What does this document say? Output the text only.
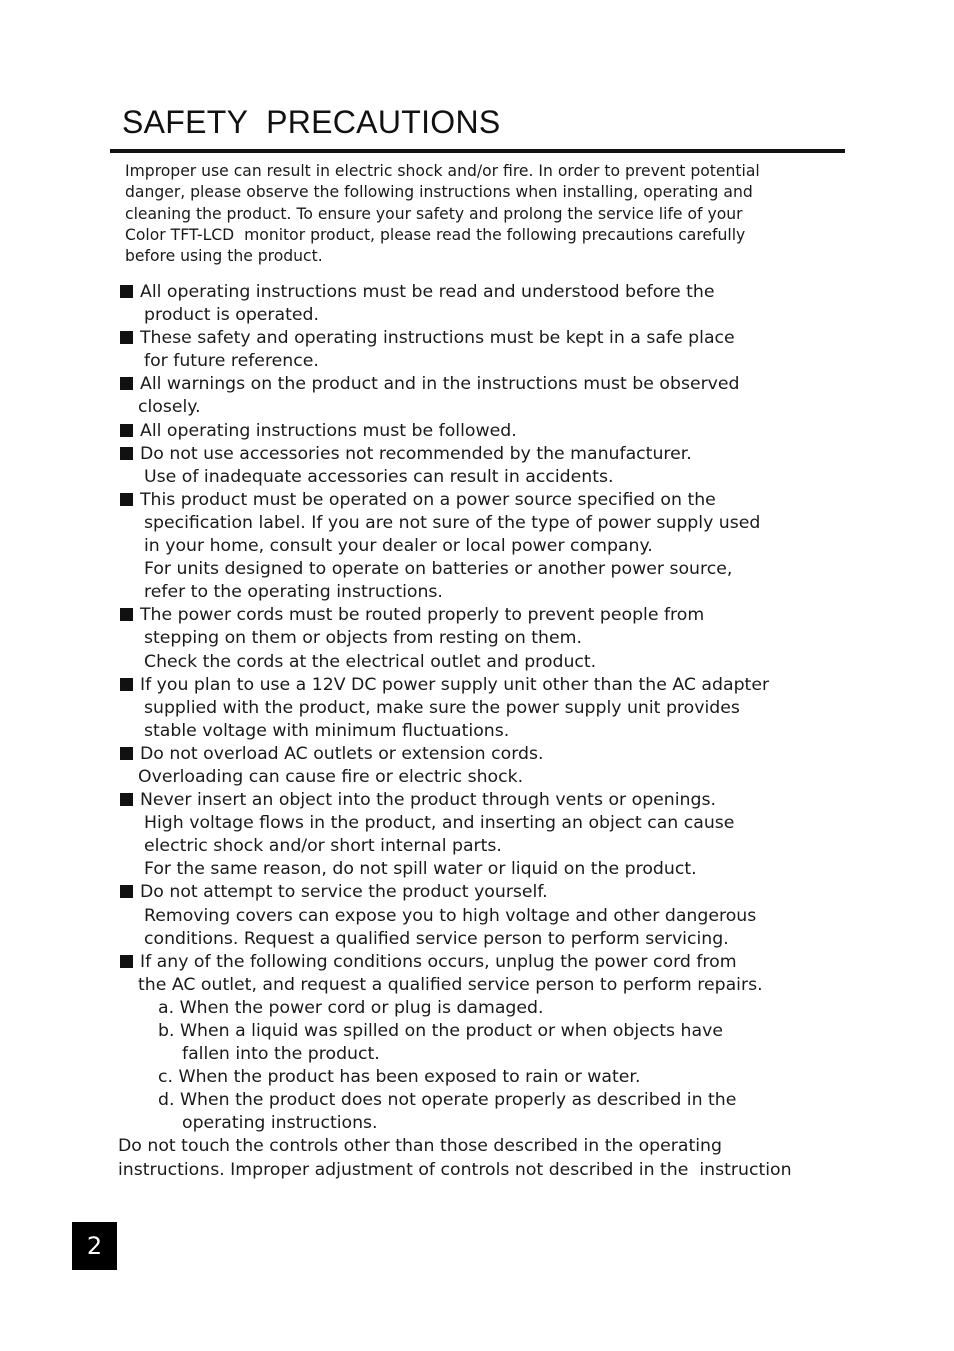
SAFETY  PRECAUTIONS
Improper use can result in electric shock and/or fire. In order to prevent potential
danger, please observe the following instructions when installing, operating and
cleaning the product. To ensure your safety and prolong the service life of your
Color TFT-LCD  monitor product, please read the following precautions carefully
before using the product.
All operating instructions must be read and understood before the
product is operated.
These safety and operating instructions must be kept in a safe place
for future reference.
All warnings on the product and in the instructions must be observed
closely.
All operating instructions must be followed.
Do not use accessories not recommended by the manufacturer.
Use of inadequate accessories can result in accidents.
This product must be operated on a power source specified on the
specification label. If you are not sure of the type of power supply used
in your home, consult your dealer or local power company.
For units designed to operate on batteries or another power source,
refer to the operating instructions.
The power cords must be routed properly to prevent people from
stepping on them or objects from resting on them.
Check the cords at the electrical outlet and product.
If you plan to use a 12V DC power supply unit other than the AC adapter
supplied with the product, make sure the power supply unit provides
stable voltage with minimum fluctuations.
Do not overload AC outlets or extension cords.
Overloading can cause fire or electric shock.
Never insert an object into the product through vents or openings.
High voltage flows in the product, and inserting an object can cause
electric shock and/or short internal parts.
For the same reason, do not spill water or liquid on the product.
Do not attempt to service the product yourself.
Removing covers can expose you to high voltage and other dangerous
conditions. Request a qualified service person to perform servicing.
If any of the following conditions occurs, unplug the power cord from
the AC outlet, and request a qualified service person to perform repairs.
a. When the power cord or plug is damaged.
b. When a liquid was spilled on the product or when objects have
fallen into the product.
c. When the product has been exposed to rain or water.
d. When the product does not operate properly as described in the
operating instructions.
Do not touch the controls other than those described in the operating
instructions. Improper adjustment of controls not described in the  instruction
2
